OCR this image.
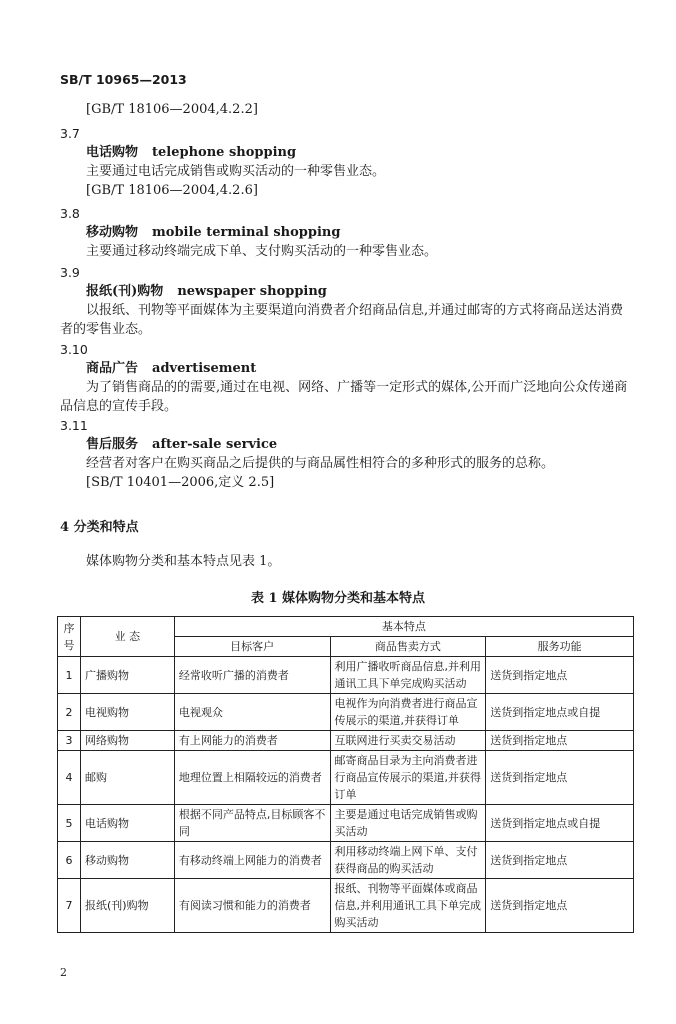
SB/T 10965—2013
[GB/T 18106—2004,4.2.2]
3.7
电话购物 telephone shopping
主要通过电话完成销售或购买活动的一种零售业态。
[GB/T 18106—2004,4.2.6]
3.8
移动购物 mobile terminal shopping
主要通过移动终端完成下单、支付购买活动的一种零售业态。
3.9
报纸(刊)购物 newspaper shopping
以报纸、刊物等平面媒体为主要渠道向消费者介绍商品信息,并通过邮寄的方式将商品送达消费者的零售业态。
3.10
商品广告 advertisement
为了销售商品的的需要,通过在电视、网络、广播等一定形式的媒体,公开而广泛地向公众传递商品信息的宣传手段。
3.11
售后服务 after-sale service
经营者对客户在购买商品之后提供的与商品属性相符合的多种形式的服务的总称。
[SB/T 10401—2006,定义 2.5]
4 分类和特点
媒体购物分类和基本特点见表 1。
表 1 媒体购物分类和基本特点
序号	业 态	基本特点		
		目标客户	商品售卖方式	服务功能
1	广播购物	经常收听广播的消费者	利用广播收听商品信息,并利用通讯工具下单完成购买活动	送货到指定地点
2	电视购物	电视观众	电视作为向消费者进行商品宣传展示的渠道,并获得订单	送货到指定地点或自提
3	网络购物	有上网能力的消费者	互联网进行买卖交易活动	送货到指定地点
4	邮购	地理位置上相隔较远的消费者	邮寄商品目录为主向消费者进行商品宣传展示的渠道,并获得订单	送货到指定地点
5	电话购物	根据不同产品特点,目标顾客不同	主要是通过电话完成销售或购买活动	送货到指定地点或自提
6	移动购物	有移动终端上网能力的消费者	利用移动终端上网下单、支付获得商品的购买活动	送货到指定地点
7	报纸(刊)购物	有阅读习惯和能力的消费者	报纸、刊物等平面媒体或商品信息,并利用通讯工具下单完成购买活动	送货到指定地点
2
